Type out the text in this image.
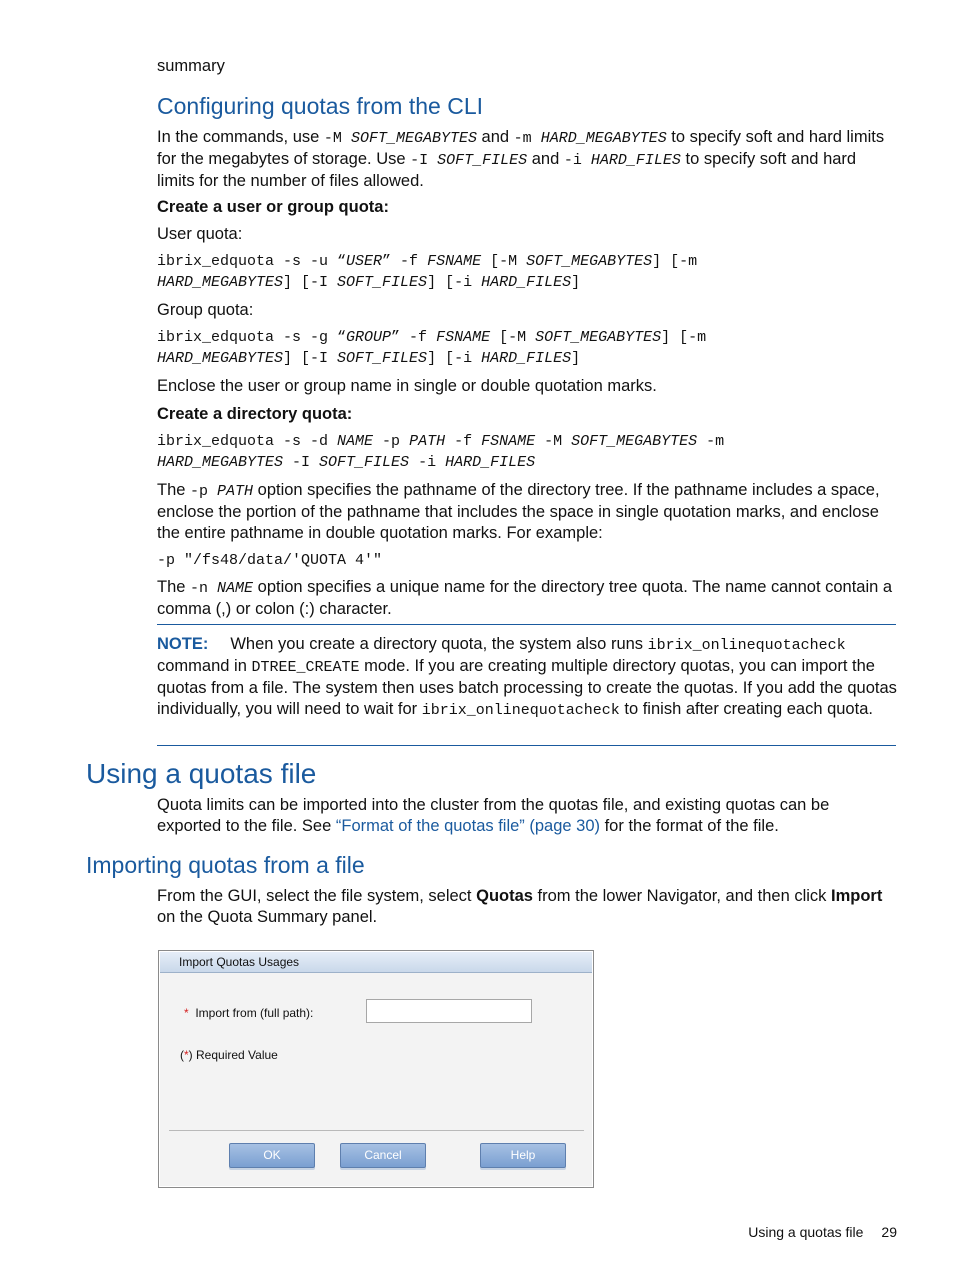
summary

Configuring quotas from the CLI

In the commands, use -M SOFT_MEGABYTES and -m HARD_MEGABYTES to specify soft and hard limits for the megabytes of storage. Use -I SOFT_FILES and -i HARD_FILES to specify soft and hard limits for the number of files allowed.

Create a user or group quota:

User quota:

ibrix_edquota -s -u “USER” -f FSNAME [-M SOFT_MEGABYTES] [-m
HARD_MEGABYTES] [-I SOFT_FILES] [-i HARD_FILES]

Group quota:

ibrix_edquota -s -g “GROUP” -f FSNAME [-M SOFT_MEGABYTES] [-m
HARD_MEGABYTES] [-I SOFT_FILES] [-i HARD_FILES]

Enclose the user or group name in single or double quotation marks.

Create a directory quota:

ibrix_edquota -s -d NAME -p PATH -f FSNAME -M SOFT_MEGABYTES -m
HARD_MEGABYTES -I SOFT_FILES -i HARD_FILES

The -p PATH option specifies the pathname of the directory tree. If the pathname includes a space, enclose the portion of the pathname that includes the space in single quotation marks, and enclose the entire pathname in double quotation marks. For example:

-p "/fs48/data/'QUOTA 4'"

The -n NAME option specifies a unique name for the directory tree quota. The name cannot contain a comma (,) or colon (:) character.

NOTE: When you create a directory quota, the system also runs ibrix_onlinequotacheck command in DTREE_CREATE mode. If you are creating multiple directory quotas, you can import the quotas from a file. The system then uses batch processing to create the quotas. If you add the quotas individually, you will need to wait for ibrix_onlinequotacheck to finish after creating each quota.

Using a quotas file

Quota limits can be imported into the cluster from the quotas file, and existing quotas can be exported to the file. See “Format of the quotas file” (page 30) for the format of the file.

Importing quotas from a file

From the GUI, select the file system, select Quotas from the lower Navigator, and then click Import on the Quota Summary panel.

Import Quotas Usages
* Import from (full path):
(*) Required Value
OK	Cancel	Help
Using a quotas file 29
